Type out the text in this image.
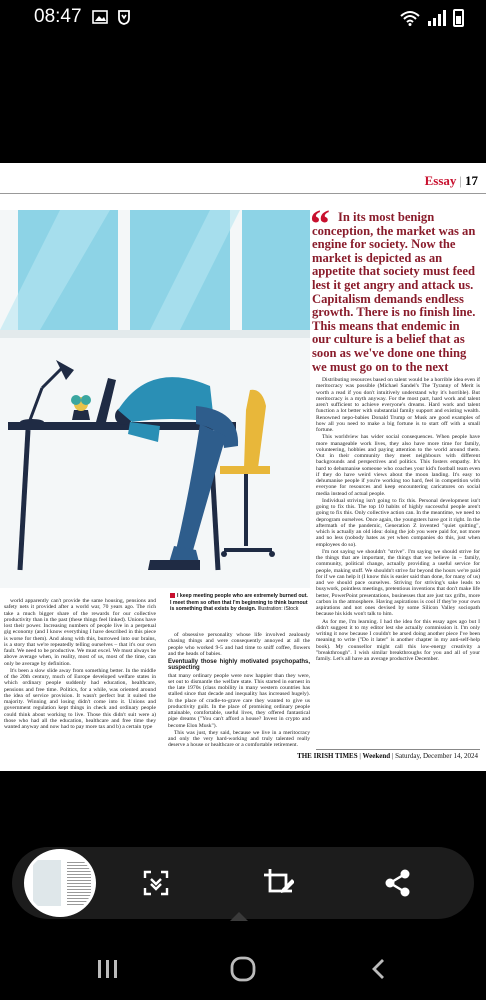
08:47
Essay | 17
I keep meeting people who are extremely burned out. I meet them so often that I'm beginning to think burnout is something that exists by design. Illustration: iStock
“ In its most benign conception, the market was an engine for society. Now the market is depicted as an appetite that society must feed lest it get angry and attack us. Capitalism demands endless growth. There is no finish line. This means that endemic in our culture is a belief that as soon as we've done one thing we must go on to the next

world apparently can't provide the same housing, pensions and safety nets it provided after a world war, 70 years ago. The rich take a much bigger share of the rewards for our collective productivity than in the past (these things feel linked). Unions have lost their power. Increasing numbers of people live in a perpetual gig economy (and I know everything I have described in this piece is worse for them). And along with this, burrowed into our brains, is a story that we're repeatedly telling ourselves – that it's our own fault. We need to be productive. We must excel. We must always be above average when, in reality, most of us, most of the time, can only be average by definition.

It's been a slow slide away from something better. In the middle of the 20th century, much of Europe developed welfare states in which ordinary people suddenly had education, healthcare, pensions and free time. Politics, for a while, was oriented around the idea of service provision. It wasn't perfect but it suited the majority. Winning and losing didn't come into it. Unions and government regulation kept things in check and ordinary people could think about working to live. Those this didn't suit were a) those who had all the education, healthcare and free time they wanted anyway and now had to pay more tax and b) a certain type

of obsessive personality whose life involved zealously chasing things and were consequently annoyed at all the people who worked 9-5 and had time to sniff coffee, flowers and the heads of babies.

Eventually those highly motivated psychopaths, suspecting

that many ordinary people were now happier than they were, set out to dismantle the welfare state. This started in earnest in the late 1970s (class mobility in many western countries has stalled since that decade and inequality has increased hugely). In the place of cradle-to-grave care they wanted to give us productivity guilt. In the place of promising ordinary people attainable, comfortable, useful lives, they offered fantastical pipe dreams ("You can't afford a house? Invest in crypto and become Elon Musk").

This was just, they said, because we live in a meritocracy and only the very hard-working and truly talented really deserve a house or healthcare or a comfortable retirement.

Distributing resources based on talent would be a horrible idea even if meritocracy was possible (Michael Sandel's The Tyranny of Merit is worth a read if you don't intuitively understand why it's horrible). But meritocracy is a myth anyway. For the most part, hard work and talent aren't sufficient to achieve everyone's dreams. Hard work and talent function a lot better with substantial family support and existing wealth. Renowned nepo-babies Donald Trump or Musk are good examples of how all you need to make a big fortune is to start off with a small fortune.

This worldview has wider social consequences. When people have more manageable work lives, they also have more time for family, volunteering, hobbies and paying attention to the world around them. Out in their community they meet neighbours with different backgrounds and perspectives and politics. This fosters empathy. It's hard to dehumanise someone who coaches your kid's football team even if they do have weird views about the moon landing. It's easy to dehumanise people if you're working too hard, feel in competition with everyone for resources and keep encountering caricatures on social media instead of actual people.

Individual striving isn't going to fix this. Personal development isn't going to fix this. The top 10 habits of highly successful people aren't going to fix this. Only collective action can. In the meantime, we need to deprogram ourselves. Once again, the youngsters have got it right. In the aftermath of the pandemic, Generation Z invented "quiet quitting", which is actually an old idea: doing the job you were paid for, not more and no less (nobody hates as yet when companies do this, just when employees do so).

I'm not saying we shouldn't "strive". I'm saying we should strive for the things that are important, the things that we believe in – family, community, political change, actually providing a useful service for people, making stuff. We shouldn't strive far beyond the hours we're paid for if we can help it (I know this is easier said than done, for many of us) and we should pace ourselves. Striving for striving's sake leads to busywork, pointless meetings, pretentious inventions that don't make life better, PowerPoint presentations, businesses that are just tax grifts, more carbon in the atmosphere. Having aspirations is cool if they're your own aspirations and not ones devised by some Silicon Valley sociopath because his kids won't talk to him.

As for me, I'm learning. I had the idea for this essay ages ago but I didn't suggest it to my editor lest she actually commission it. I'm only writing it now because I couldn't be arsed doing another piece I've been meaning to write ("Do it later" is another chapter in my anti-self-help book). My counsellor might call this low-energy creativity a "breakthrough". I wish similar breakthroughs for you and all of your family. Let's all have an average productive December.

THE IRISH TIMES | Weekend | Saturday, December 14, 2024
